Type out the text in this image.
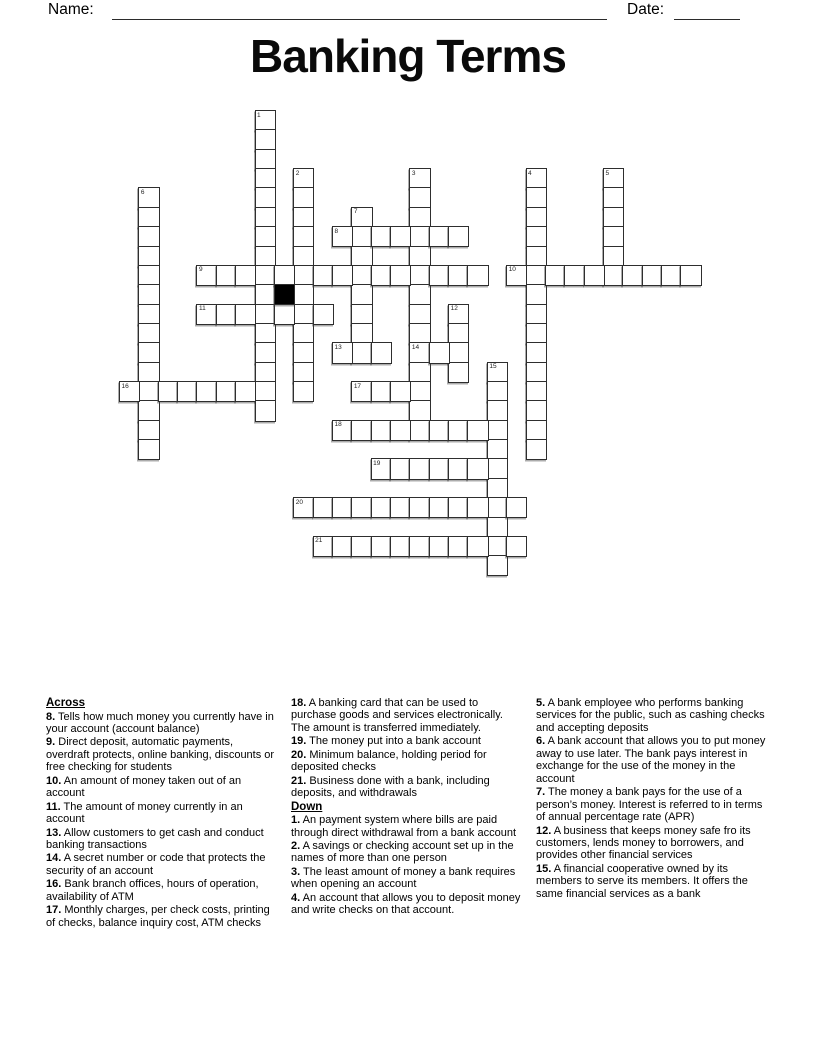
Name:	Date:
Banking Terms
1
2	3
14
4	5
6
7
8
9	10
11	12
13
15
16	17
18
19
20
21
Across

8. Tells how much money you currently have in your account (account balance)

9. Direct deposit, automatic payments, overdraft protects, online banking, discounts or free checking for students

10. An amount of money taken out of an account

11. The amount of money currently in an account

13. Allow customers to get cash and conduct banking transactions

14. A secret number or code that protects the security of an account

16. Bank branch offices, hours of operation, availability of ATM

17. Monthly charges, per check costs, printing of checks, balance inquiry cost, ATM checks

18. A banking card that can be used to purchase goods and services electronically. The amount is transferred immediately.

19. The money put into a bank account

20. Minimum balance, holding period for deposited checks

21. Business done with a bank, including deposits, and withdrawals

Down

1. An payment system where bills are paid through direct withdrawal from a bank account

2. A savings or checking account set up in the names of more than one person

3. The least amount of money a bank requires when opening an account

4. An account that allows you to deposit money and write checks on that account.

5. A bank employee who performs banking services for the public, such as cashing checks and accepting deposits

6. A bank account that allows you to put money away to use later. The bank pays interest in exchange for the use of the money in the account

7. The money a bank pays for the use of a person’s money. Interest is referred to in terms of annual percentage rate (APR)

12. A business that keeps money safe fro its customers, lends money to borrowers, and provides other financial services

15. A financial cooperative owned by its members to serve its members. It offers the same financial services as a bank
